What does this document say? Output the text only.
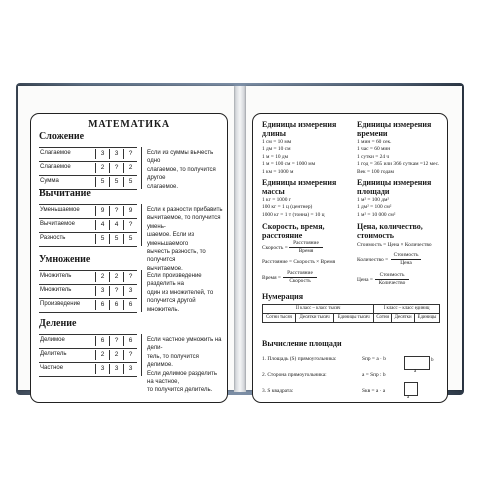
МАТЕМАТИКА
Сложение
Слагаемое	3	3	?
Слагаемое	2	?	2
Сумма	5	5	5
Если из суммы вычесть одно
слагаемое, то получится другое
слагаемое.
Вычитание
Уменьшаемое	9	?	9
Вычитаемое	4	4	?
Разность	5	5	5
Если к разности прибавить
вычитаемое, то получится умень-
шаемое. Если из уменьшаемого
вычесть разность, то получится
вычитаемое.
Умножение
Множитель	2	2	?
Множитель	3	?	3
Произведение	6	6	6
Если произведение разделить на
один из множителей, то
получится другой множитель.
Деление
Делимое	6	?	6
Делитель	2	2	?
Частное	3	3	3
Если частное умножить на дели-
тель, то получится делимое.
Если делимое разделить на частное,
то получится делитель.
Единицы измерения
длины
1 см = 10 мм
1 дм = 10 см
1 м = 10 дм
1 м = 100 см = 1000 мм
1 км = 1000 м
Единицы измерения
времени
1 мин = 60 сек.
1 час = 60 мин
1 сутки = 24 ч
1 год = 365 или 366 суткам =12 мес.
Век = 100 годам
Единицы измерения
массы
1 кг = 1000 г
100 кг = 1 ц (центнер)
1000 кг = 1 т (тонна) = 10 ц
Единицы измерения
площади
1 м² = 100 дм²
1 дм² = 100 см²
1 м² = 10 000 см²
Скорость, время,
расстояние
Скорость =
Расстояние
Время
Расстояние = Скорость × Время
Время =
Расстояние
Скорость
Цена, количество,
стоимость
Стоимость = Цена × Количество
Количество =
Стоимость
Цена
Цена =
Стоимость
Количество
Нумерация
II класс – класс тысяч			I класс – класс единиц		
Сотни тысяч	Десятки тысяч	Единицы тысяч	Сотни	Десятки	Единицы
Вычисление площади
1. Площадь (S) прямоугольника:	Sпр = a · b
2. Сторона прямоугольника:	a = Sпр : b
3. S квадрата:	Sкв = a · a
b
a
a
